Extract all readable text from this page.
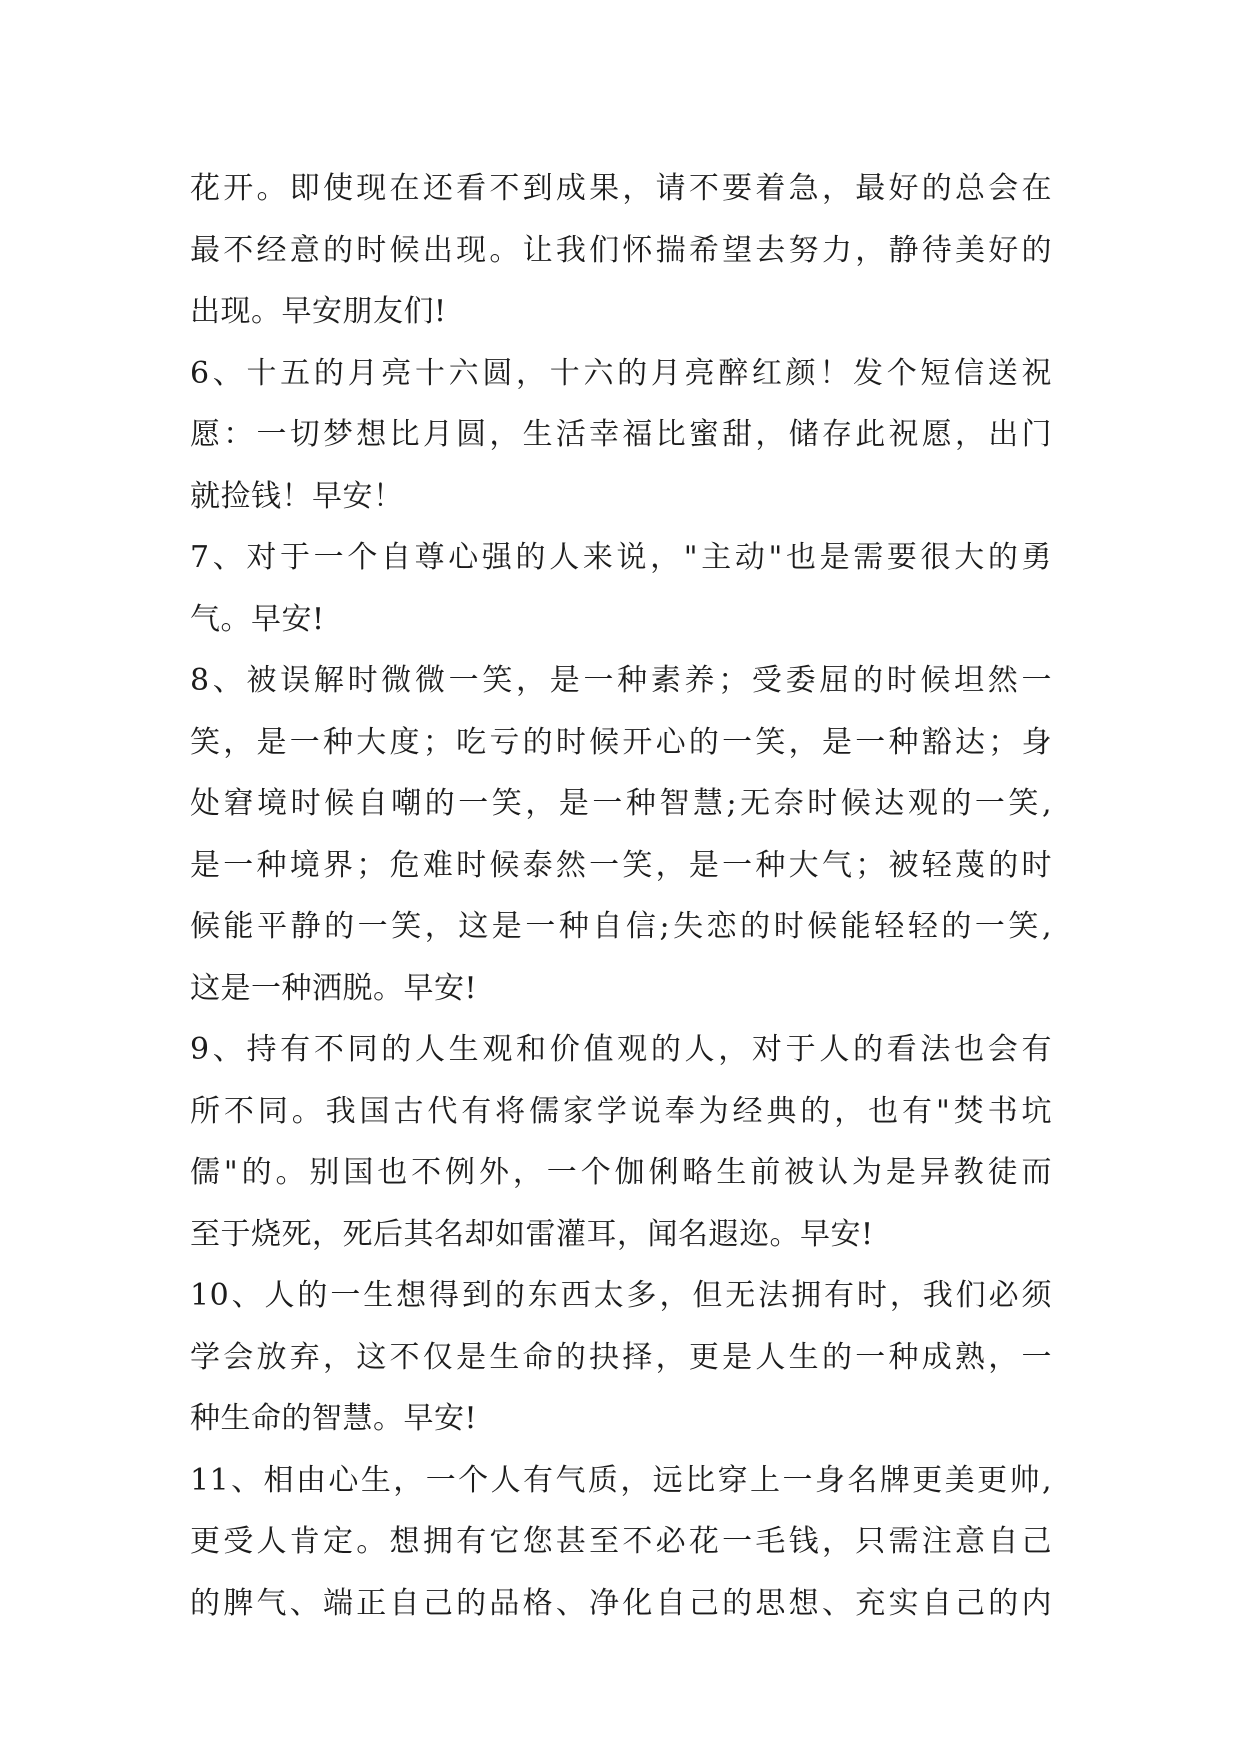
花开。即使现在还看不到成果，请不要着急，最好的总会在
最不经意的时候出现。让我们怀揣希望去努力，静待美好的
出现。早安朋友们!
6、十五的月亮十六圆，十六的月亮醉红颜！发个短信送祝
愿：一切梦想比月圆，生活幸福比蜜甜，储存此祝愿，出门
就捡钱！早安！
7、对于一个自尊心强的人来说，"主动"也是需要很大的勇
气。早安!
8、被误解时微微一笑，是一种素养；受委屈的时候坦然一
笑，是一种大度；吃亏的时候开心的一笑，是一种豁达；身
处窘境时候自嘲的一笑，是一种智慧;无奈时候达观的一笑,
是一种境界；危难时候泰然一笑，是一种大气；被轻蔑的时
候能平静的一笑，这是一种自信;失恋的时候能轻轻的一笑,
这是一种洒脱。早安!
9、持有不同的人生观和价值观的人，对于人的看法也会有
所不同。我国古代有将儒家学说奉为经典的，也有"焚书坑
儒"的。别国也不例外，一个伽俐略生前被认为是异教徒而
至于烧死，死后其名却如雷灌耳，闻名遐迩。早安!
10、人的一生想得到的东西太多，但无法拥有时，我们必须
学会放弃，这不仅是生命的抉择，更是人生的一种成熟，一
种生命的智慧。早安!
11、相由心生，一个人有气质，远比穿上一身名牌更美更帅,
更受人肯定。想拥有它您甚至不必花一毛钱，只需注意自己
的脾气、端正自己的品格、净化自己的思想、充实自己的内
